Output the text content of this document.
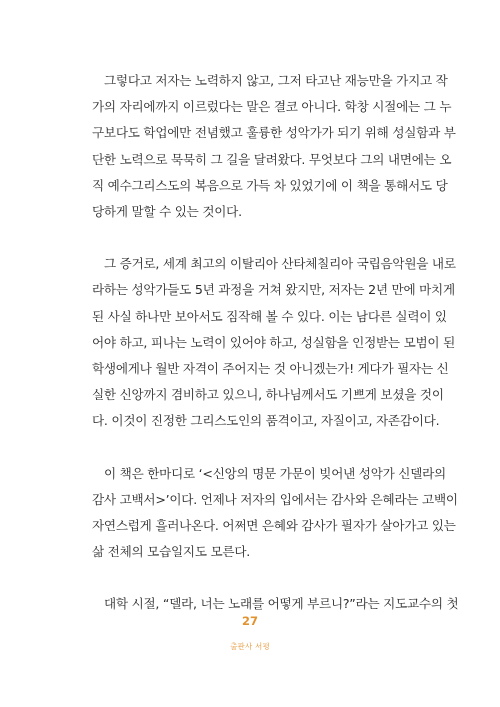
그렇다고 저자는 노력하지 않고, 그저 타고난 재능만을 가지고 작
가의 자리에까지 이르렀다는 말은 결코 아니다. 학창 시절에는 그 누
구보다도 학업에만 전념했고 훌륭한 성악가가 되기 위해 성실함과 부
단한 노력으로 묵묵히 그 길을 달려왔다. 무엇보다 그의 내면에는 오
직 예수그리스도의 복음으로 가득 차 있었기에 이 책을 통해서도 당
당하게 말할 수 있는 것이다.
그 증거로, 세계 최고의 이탈리아 산타체칠리아 국립음악원을 내로
라하는 성악가들도 5년 과정을 거쳐 왔지만, 저자는 2년 만에 마치게
된 사실 하나만 보아서도 짐작해 볼 수 있다. 이는 남다른 실력이 있
어야 하고, 피나는 노력이 있어야 하고, 성실함을 인정받는 모범이 된
학생에게나 월반 자격이 주어지는 것 아니겠는가! 게다가 필자는 신
실한 신앙까지 겸비하고 있으니, 하나님께서도 기쁘게 보셨을 것이
다. 이것이 진정한 그리스도인의 품격이고, 자질이고, 자존감이다.
이 책은 한마디로 ‘<신앙의 명문 가문이 빚어낸 성악가 신델라의
감사 고백서>’이다. 언제나 저자의 입에서는 감사와 은혜라는 고백이
자연스럽게 흘러나온다. 어쩌면 은혜와 감사가 필자가 살아가고 있는
삶 전체의 모습일지도 모른다.
대학 시절, “델라, 너는 노래를 어떻게 부르니?”라는 지도교수의 첫
27
출판사 서평
